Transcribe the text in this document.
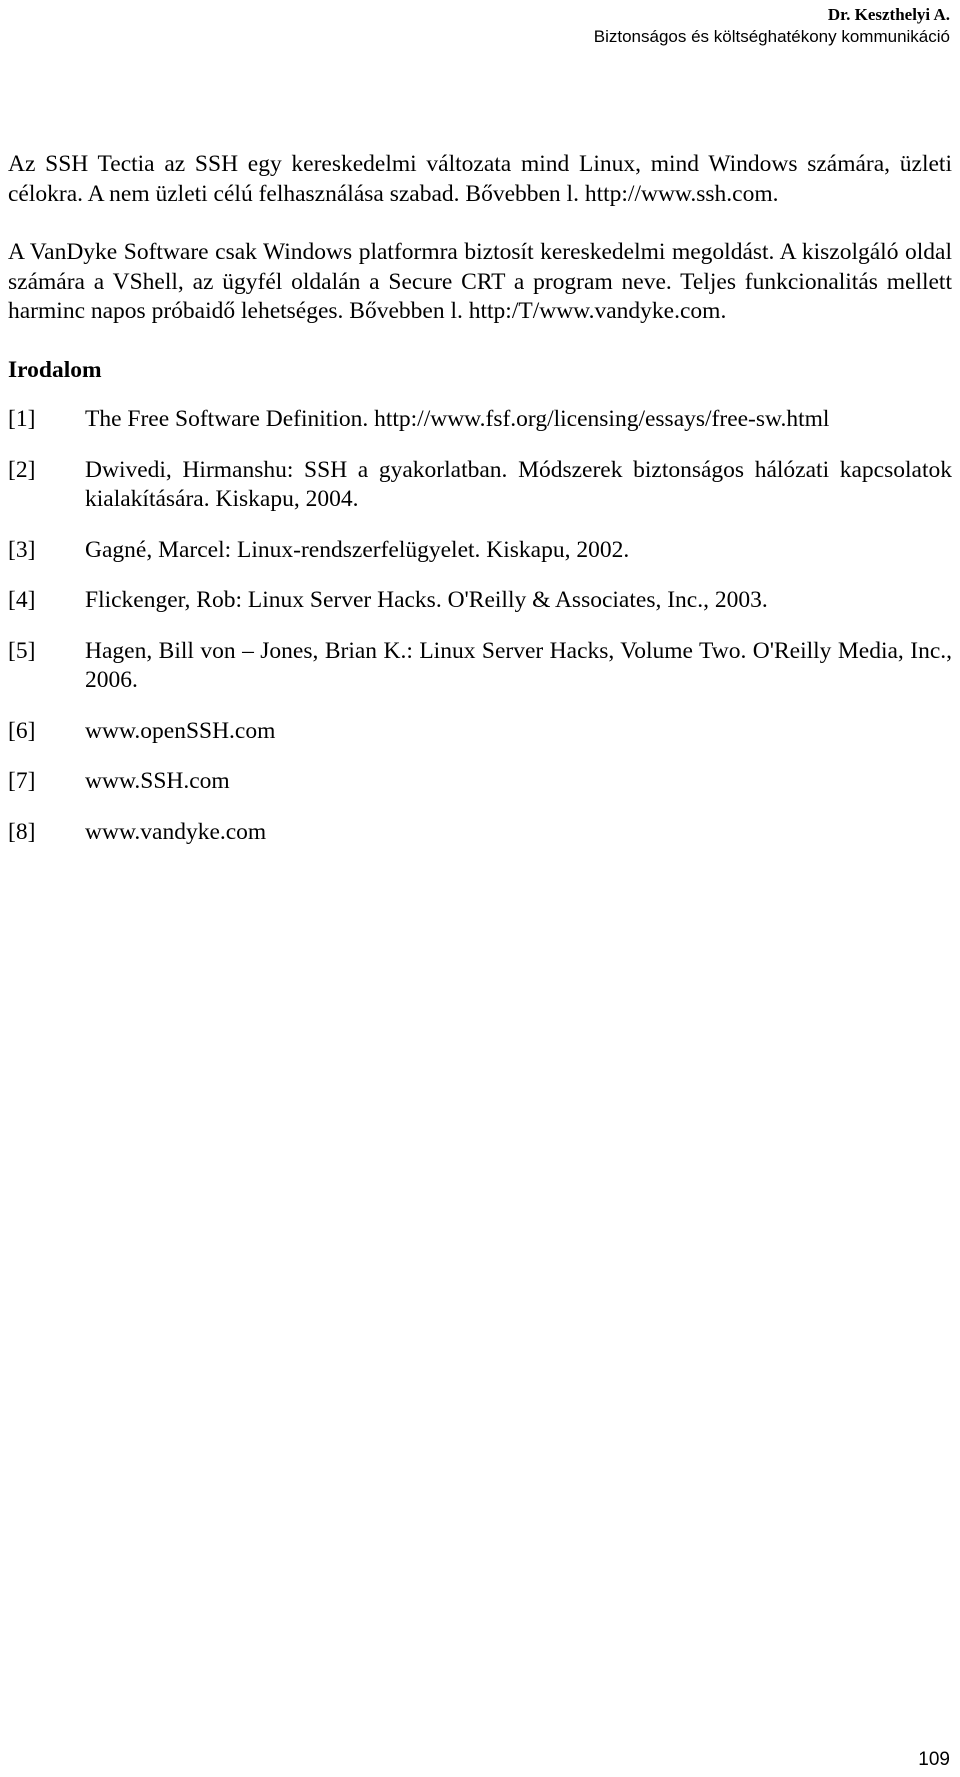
Dr. Keszthelyi A.
Biztonságos és költséghatékony kommunikáció

Az SSH Tectia az SSH egy kereskedelmi változata mind Linux, mind Windows számára, üzleti célokra. A nem üzleti célú felhasználása szabad. Bővebben l. http://www.ssh.com.

A VanDyke Software csak Windows platformra biztosít kereskedelmi megoldást. A kiszolgáló oldal számára a VShell, az ügyfél oldalán a Secure CRT a program neve. Teljes funkcionalitás mellett harminc napos próbaidő lehetséges. Bővebben l. http:/T/www.vandyke.com.

Irodalom
[1]	The Free Software Definition. http://www.fsf.org/licensing/essays/free-sw.html
[2]	Dwivedi, Hirmanshu: SSH a gyakorlatban. Módszerek biztonságos hálózati kapcsolatok kialakítására. Kiskapu, 2004.
[3]	Gagné, Marcel: Linux-rendszerfelügyelet. Kiskapu, 2002.
[4]	Flickenger, Rob: Linux Server Hacks. O'Reilly & Associates, Inc., 2003.
[5]	Hagen, Bill von – Jones, Brian K.: Linux Server Hacks, Volume Two. O'Reilly Media, Inc., 2006.
[6]	www.openSSH.com
[7]	www.SSH.com
[8]	www.vandyke.com
109
